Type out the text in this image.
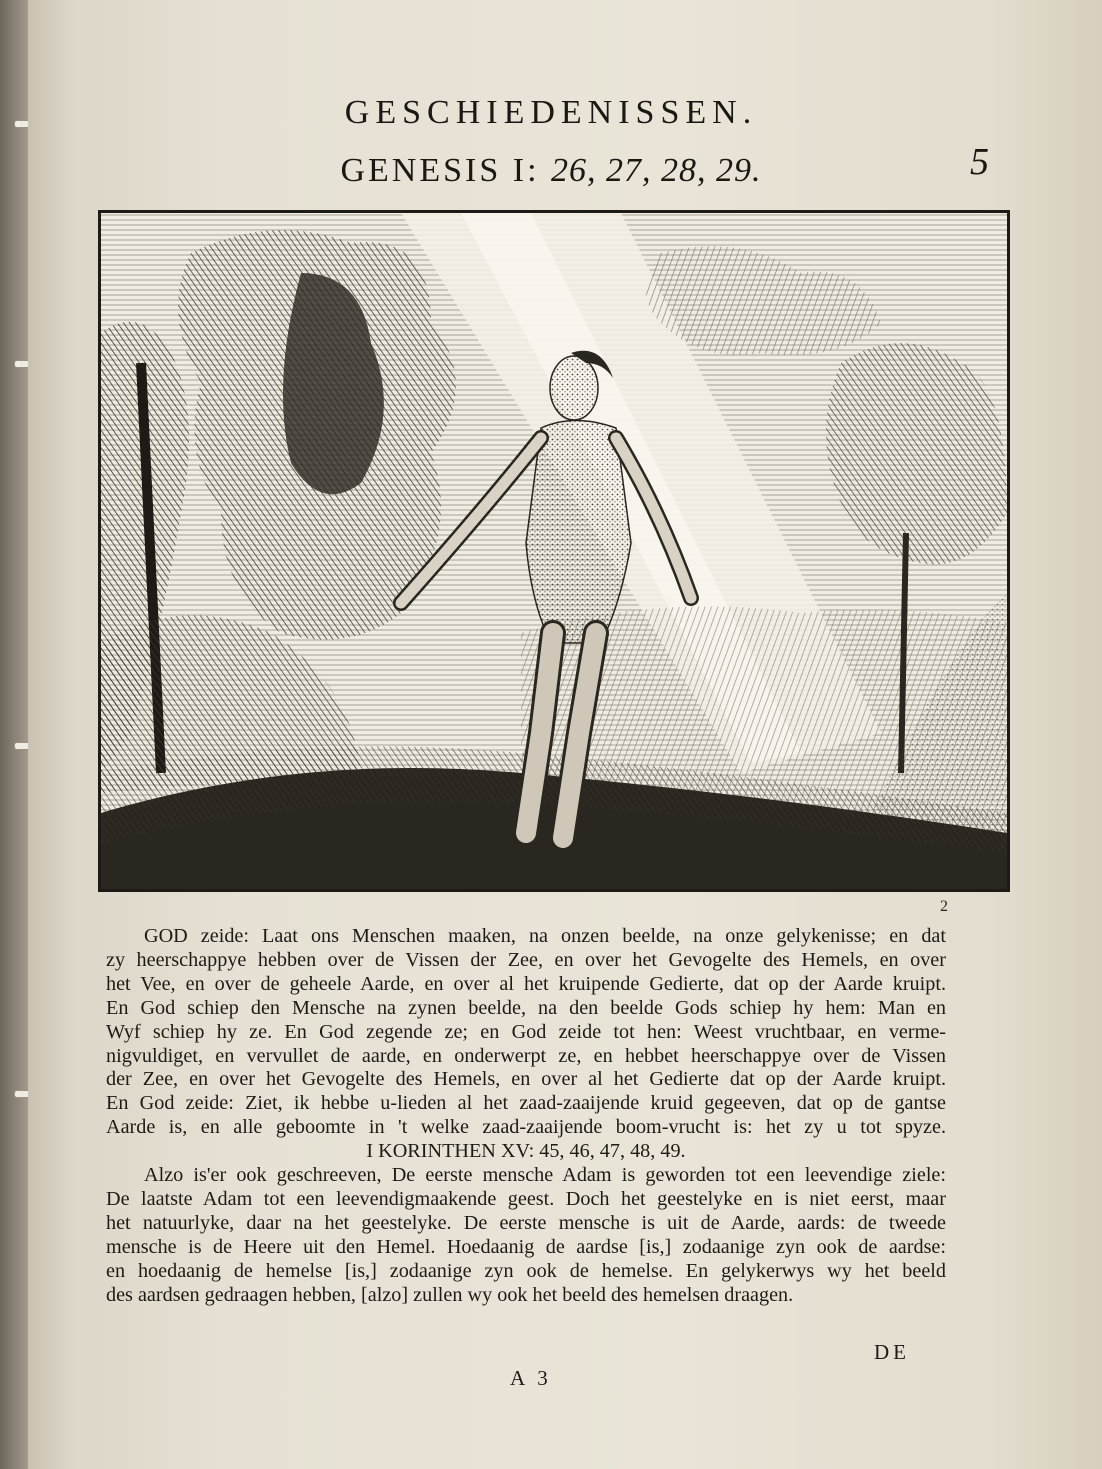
GESCHIEDENISSEN.
5
GENESIS I: 26, 27, 28, 29.
2
GOD zeide: Laat ons Menschen maaken, na onzen beelde, na onze gelykenisse; en dat
zy heerschappye hebben over de Vissen der Zee, en over het Gevogelte des Hemels, en over
het Vee, en over de geheele Aarde, en over al het kruipende Gedierte, dat op der Aarde kruipt.
En God schiep den Mensche na zynen beelde, na den beelde Gods schiep hy hem: Man en
Wyf schiep hy ze. En God zegende ze; en God zeide tot hen: Weest vruchtbaar, en verme-
nigvuldiget, en vervullet de aarde, en onderwerpt ze, en hebbet heerschappye over de Vissen
der Zee, en over het Gevogelte des Hemels, en over al het Gedierte dat op der Aarde kruipt.
En God zeide: Ziet, ik hebbe u-lieden al het zaad-zaaijende kruid gegeeven, dat op de gantse
Aarde is, en alle geboomte in 't welke zaad-zaaijende boom-vrucht is: het zy u tot spyze.
I KORINTHEN XV: 45, 46, 47, 48, 49.
Alzo is'er ook geschreeven, De eerste mensche Adam is geworden tot een leevendige ziele:
De laatste Adam tot een leevendigmaakende geest. Doch het geestelyke en is niet eerst, maar
het natuurlyke, daar na het geestelyke. De eerste mensche is uit de Aarde, aards: de tweede
mensche is de Heere uit den Hemel. Hoedaanig de aardse [is,] zodaanige zyn ook de aardse:
en hoedaanig de hemelse [is,] zodaanige zyn ook de hemelse. En gelykerwys wy het beeld
des aardsen gedraagen hebben, [alzo] zullen wy ook het beeld des hemelsen draagen.
DE
A 3
